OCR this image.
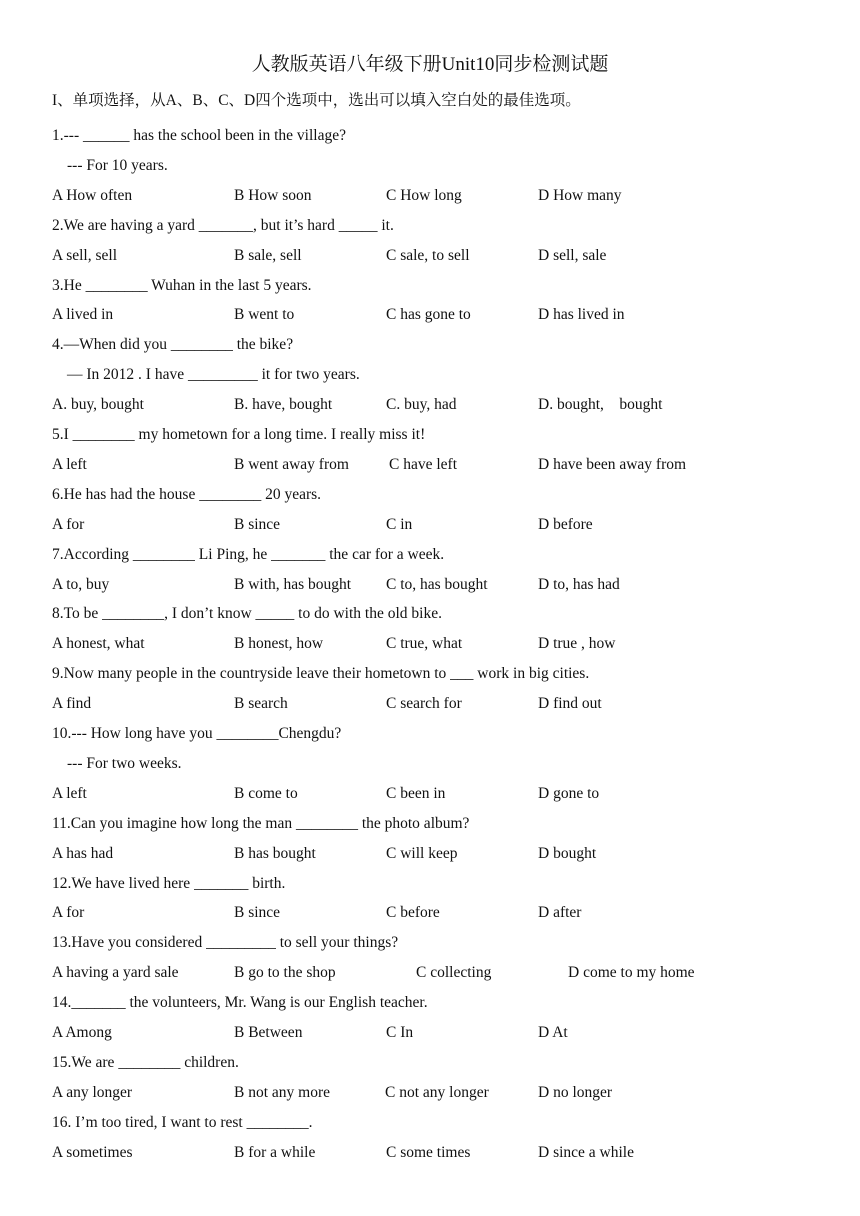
人教版英语八年级下册Unit10同步检测试题
I、单项选择，从A、B、C、D四个选项中，选出可以填入空白处的最佳选项。
1.--- ______ has the school been in the village?
--- For 10 years.
A How often	B How soon	C How long	D How many
2.We are having a yard _______, but it’s hard _____ it.
A sell, sell	B sale, sell	C sale, to sell	D sell, sale
3.He ________ Wuhan in the last 5 years.
A lived in	B went to	C has gone to	D has lived in
4.—When did you ________ the bike?
— In 2012 . I have _________ it for two years.
A. buy, bought	B. have, bought	C. buy, had	D. bought,    bought
5.I ________ my hometown for a long time. I really miss it!
A left	B went away from	C have left	D have been away from
6.He has had the house ________ 20 years.
A for	B since	C in	D before
7.According ________ Li Ping, he _______ the car for a week.
A to, buy	B with, has bought C to, has bought	D to, has had
8.To be ________, I don’t know _____ to do with the old bike.
A honest, what	B honest, how	C true, what	D true , how
9.Now many people in the countryside leave their hometown to ___ work in big cities.
A find	B search	C search for	D find out
10.--- How long have you ________Chengdu?
--- For two weeks.
A left	B come to	C been in	D gone to
11.Can you imagine how long the man ________ the photo album?
A has had	B has bought	C will keep	D bought
12.We have lived here _______ birth.
A for	B since	C before	D after
13.Have you considered _________ to sell your things?
A having a yard sale	B go to the shop	C collecting	D come to my home
14._______ the volunteers, Mr. Wang is our English teacher.
A Among	B Between	C In	D At
15.We are ________ children.
A any longer	B not any more	C not any longer	D no longer
16. I’m too tired, I want to rest ________.
A sometimes	B for a while	C some times	D since a while
